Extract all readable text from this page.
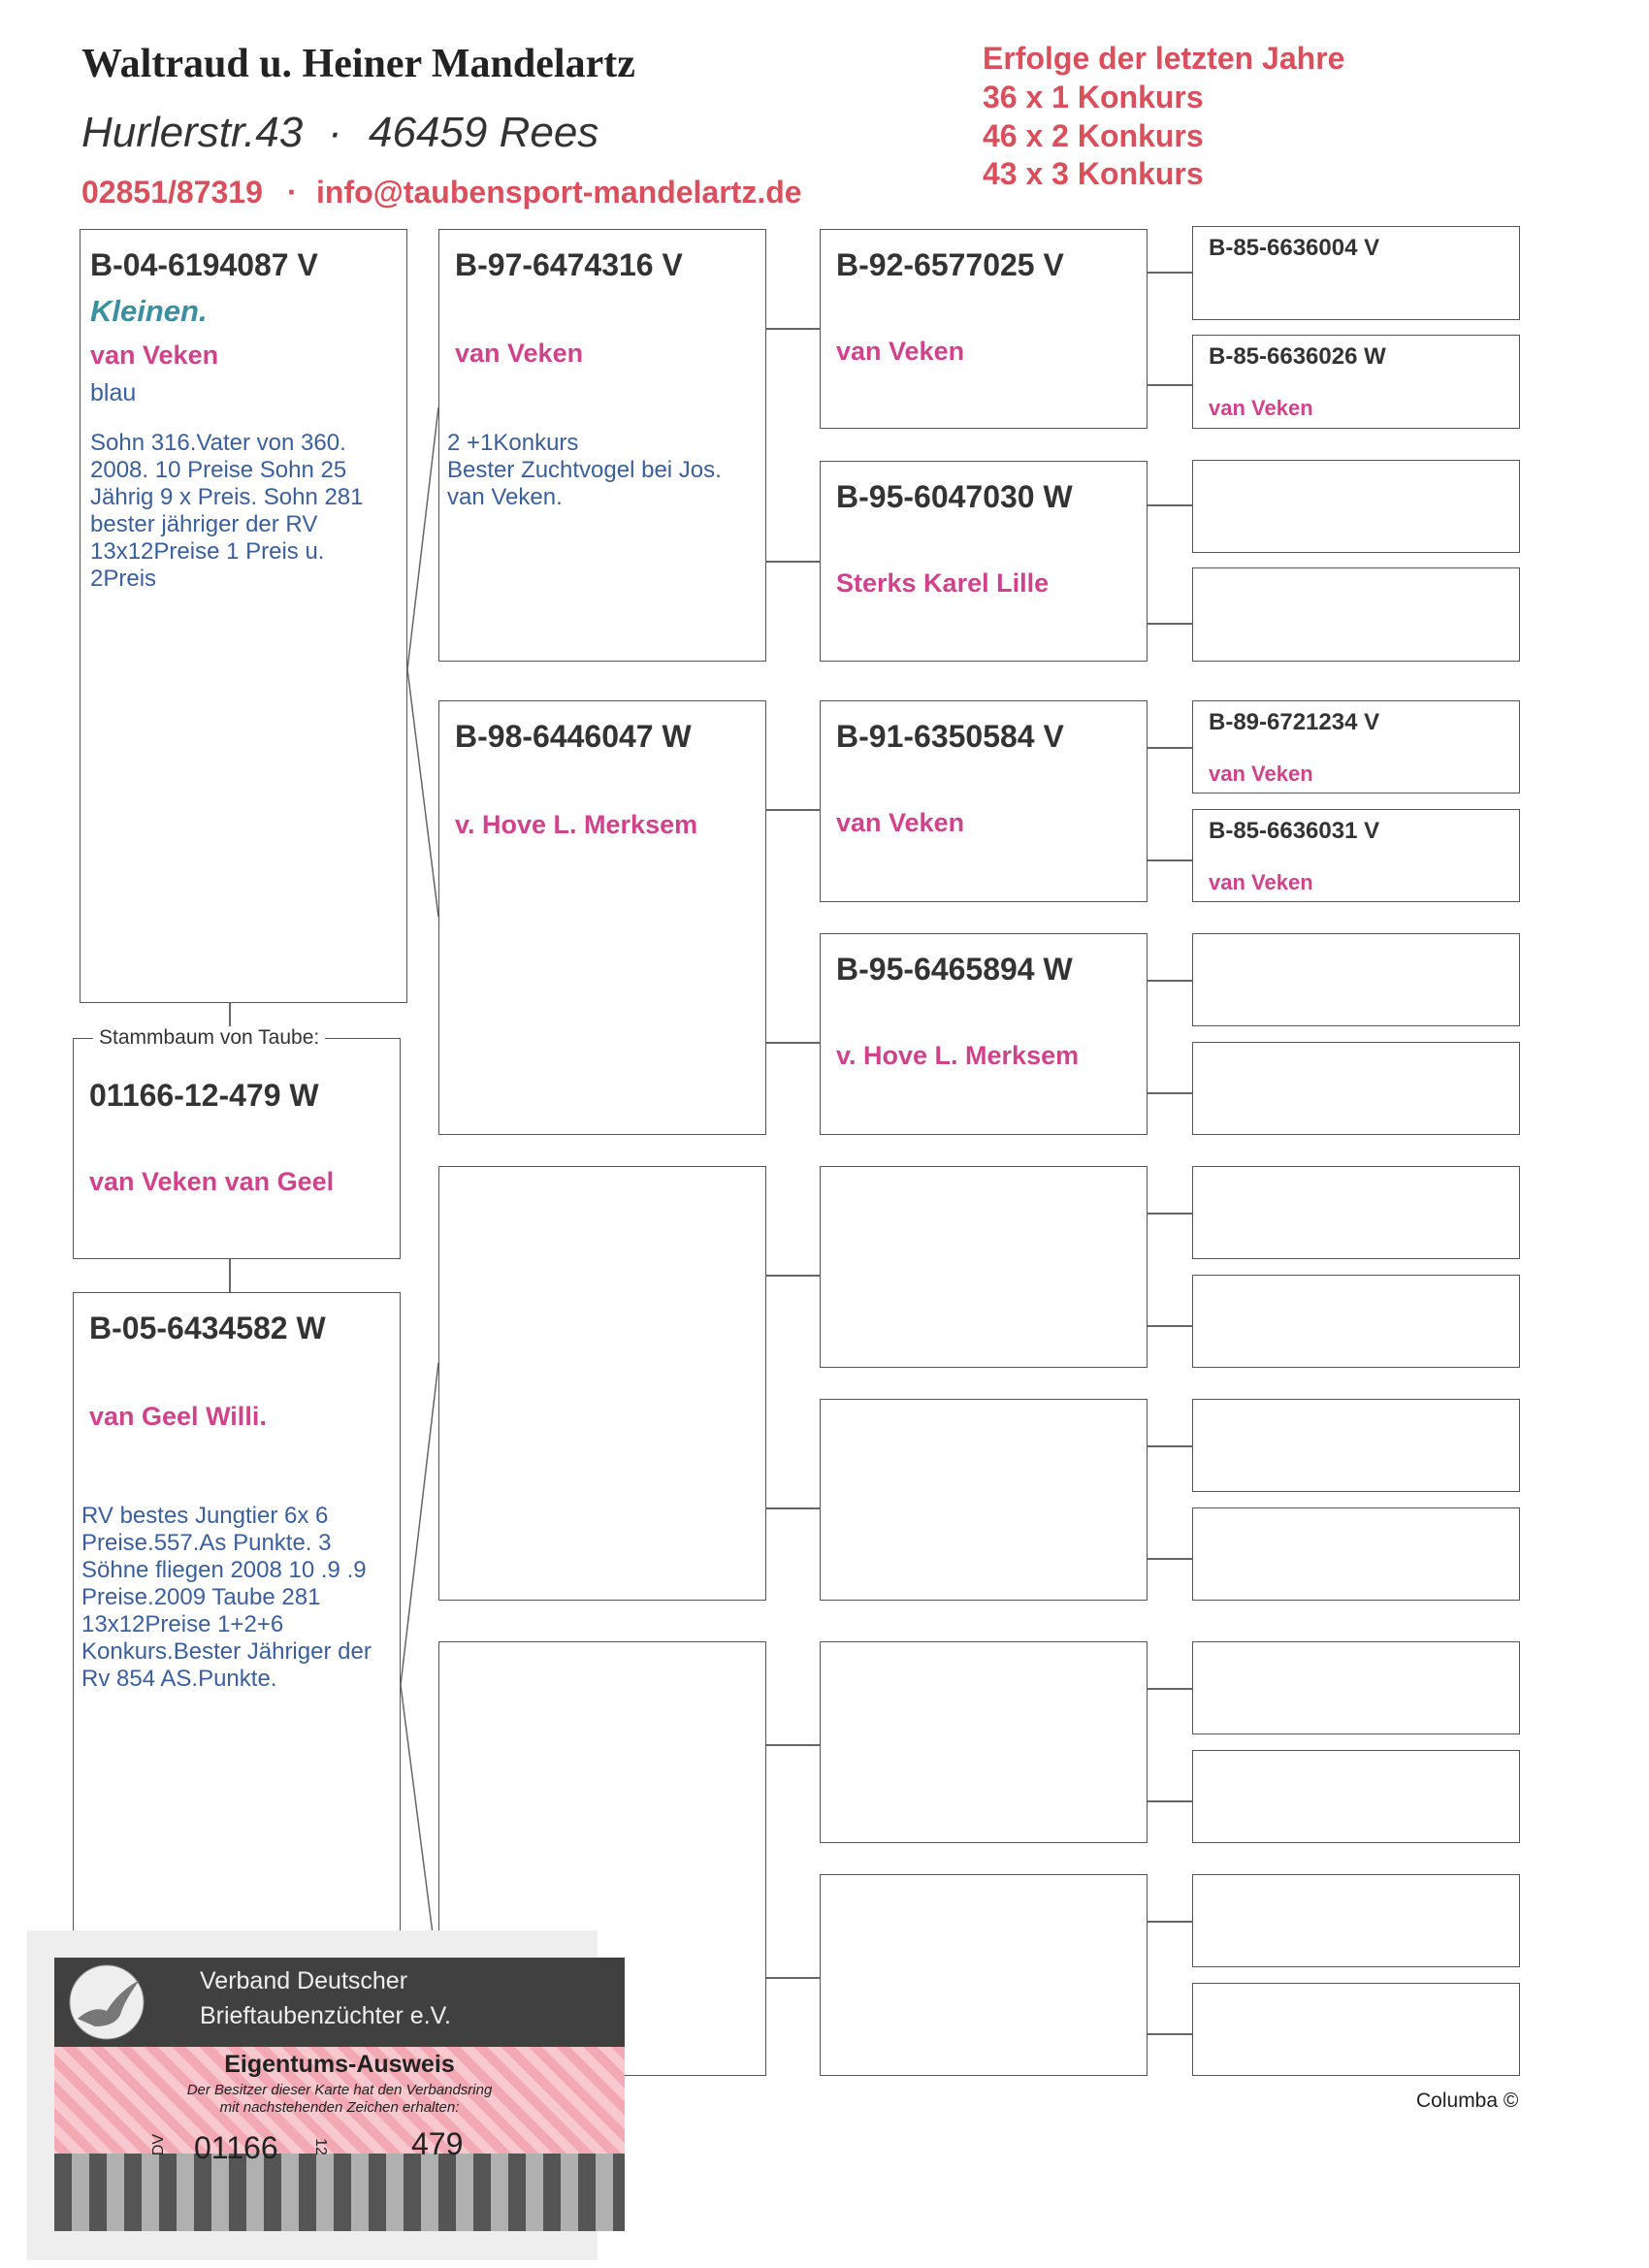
Waltraud u. Heiner Mandelartz
Hurlerstr.43 · 46459 Rees
02851/87319 · info@taubensport-mandelartz.de
Erfolge der letzten Jahre
36 x 1 Konkurs
46 x 2 Konkurs
43 x 3 Konkurs
B-04-6194087 V
Kleinen.
van Veken
blau
Sohn 316.Vater von 360. 2008. 10 Preise Sohn 25 Jährig 9 x Preis. Sohn 281 bester jähriger der RV 13x12Preise 1 Preis u. 2Preis
01166-12-479 W
van Veken van Geel
Stammbaum von Taube:
B-05-6434582 W
van Geel Willi.
RV bestes Jungtier 6x 6 Preise.557.As Punkte. 3 Söhne fliegen 2008 10 .9 .9 Preise.2009 Taube 281 13x12Preise 1+2+6 Konkurs.Bester Jähriger der Rv 854 AS.Punkte.
B-97-6474316 V
van Veken
2 +1Konkurs
Bester Zuchtvogel bei Jos. van Veken.
B-98-6446047 W
v. Hove L. Merksem
B-92-6577025 V
van Veken
B-95-6047030 W
Sterks Karel Lille
B-91-6350584 V
van Veken
B-95-6465894 W
v. Hove L. Merksem
B-85-6636004 V
B-85-6636026 W
van Veken
B-89-6721234 V
van Veken
B-85-6636031 V
van Veken
Columba ©
Verband Deutscher
Brieftaubenzüchter e.V.
Eigentums-Ausweis
Der Besitzer dieser Karte hat den Verbandsring
mit nachstehenden Zeichen erhalten:
DV 01166 12	479
